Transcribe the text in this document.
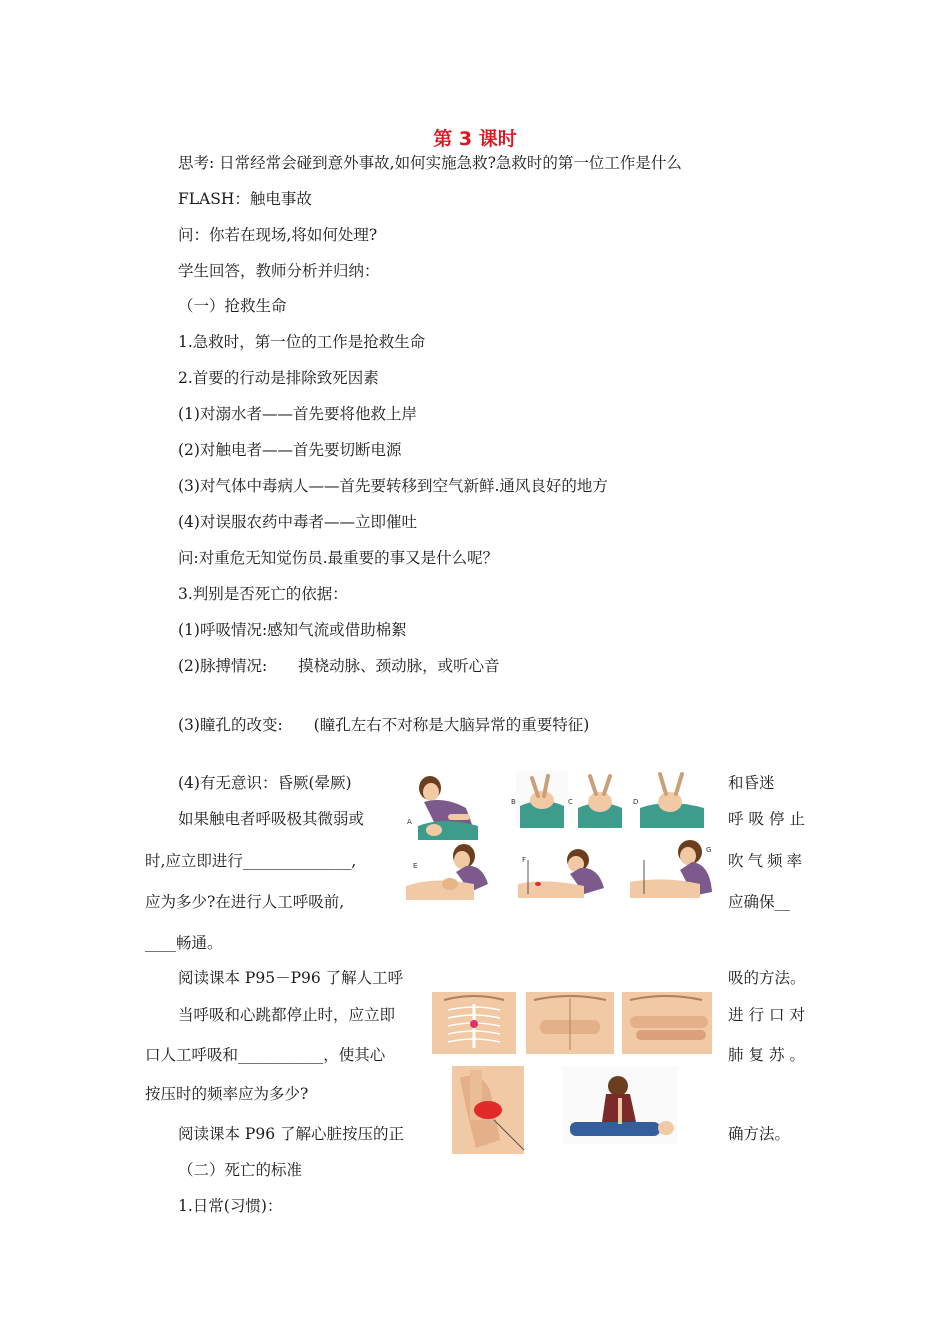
第 3 课时
思考: 日常经常会碰到意外事故,如何实施急救?急救时的第一位工作是什么
FLASH：触电事故
问：你若在现场,将如何处理?
学生回答，教师分析并归纳：
（一）抢救生命
1.急救时，第一位的工作是抢救生命
2.首要的行动是排除致死因素
(1)对溺水者——首先要将他救上岸
(2)对触电者——首先要切断电源
(3)对气体中毒病人——首先要转移到空气新鲜.通风良好的地方
(4)对误服农药中毒者——立即催吐
问:对重危无知觉伤员.最重要的事又是什么呢？
3.判别是否死亡的依据：
(1)呼吸情况:感知气流或借助棉絮
(2)脉搏情况:　　摸桡动脉、颈动脉，或听心音
(3)瞳孔的改变:　　(瞳孔左右不对称是大脑异常的重要特征)
(4)有无意识：昏厥(晕厥)	和昏迷
如果触电者呼吸极其微弱或	呼吸停止
时,应立即进行______________,	吹气频率
应为多少?在进行人工呼吸前,	应确保__
____畅通。
阅读课本 P95－P96 了解人工呼	吸的方法。
当呼吸和心跳都停止时，应立即	进行口对
口人工呼吸和___________，使其心	肺复苏。
按压时的频率应为多少?
阅读课本 P96 了解心脏按压的正	确方法。
（二）死亡的标准
1.日常(习惯)：
A
B	C	D
E
F
G
